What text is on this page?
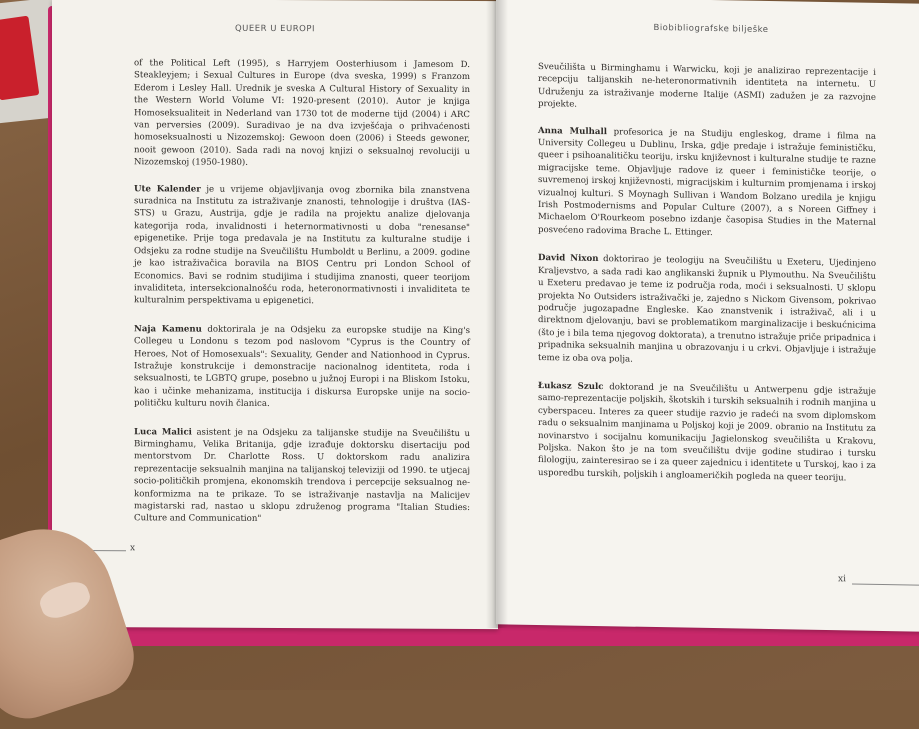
QUEER U EUROPI

of the Political Left (1995), s Harryjem Oosterhiusom i Jamesom D. Steakleyjem; i Sexual Cultures in Europe (dva sveska, 1999) s Franzom Ederom i Lesley Hall. Urednik je sveska A Cultural History of Sexuality in the Western World Volume VI: 1920-present (2010). Autor je knjiga Homoseksualiteit in Nederland van 1730 tot de moderne tijd (2004) i ARC van perversies (2009). Suradivao je na dva izvješćaja o prihvaćenosti homoseksualnosti u Nizozemskoj: Gewoon doen (2006) i Steeds gewoner, nooit gewoon (2010). Sada radi na novoj knjizi o seksualnoj revoluciji u Nizozemskoj (1950-1980).

Ute Kalender je u vrijeme objavljivanja ovog zbornika bila znanstvena suradnica na Institutu za istraživanje znanosti, tehnologije i društva (IAS-STS) u Grazu, Austrija, gdje je radila na projektu analize djelovanja kategorija roda, invalidnosti i heternormativnosti u doba "renesanse" epigenetike. Prije toga predavala je na Institutu za kulturalne studije i Odsjeku za rodne studije na Sveučilištu Humboldt u Berlinu, a 2009. godine je kao istraživačica boravila na BIOS Centru pri London School of Economics. Bavi se rodnim studijima i studijima znanosti, queer teorijom invaliditeta, intersekcionalnošću roda, heteronormativnosti i invaliditeta te kulturalnim perspektivama u epigenetici.

Naja Kamenu doktorirala je na Odsjeku za europske studije na King's Collegeu u Londonu s tezom pod naslovom "Cyprus is the Country of Heroes, Not of Homosexuals": Sexuality, Gender and Nationhood in Cyprus. Istražuje konstrukcije i demonstracije nacionalnog identiteta, roda i seksualnosti, te LGBTQ grupe, posebno u južnoj Europi i na Bliskom Istoku, kao i učinke mehanizama, institucija i diskursa Europske unije na socio-političku kulturu novih članica.

Luca Malici asistent je na Odsjeku za talijanske studije na Sveučilištu u Birminghamu, Velika Britanija, gdje izrađuje doktorsku disertaciju pod mentorstvom Dr. Charlotte Ross. U doktorskom radu analizira reprezentacije seksualnih manjina na talijanskoj televiziji od 1990. te utjecaj socio-političkih promjena, ekonomskih trendova i percepcije seksualnog ne-konformizma na te prikaze. To se istraživanje nastavlja na Malicijev magistarski rad, nastao u sklopu združenog programa "Italian Studies: Culture and Communication"

x
Biobibliografske bilješke

Sveučilišta u Birminghamu i Warwicku, koji je analizirao reprezentacije i recepciju talijanskih ne-heteronormativnih identiteta na internetu. U Udruženju za istraživanje moderne Italije (ASMI) zadužen je za razvojne projekte.

Anna Mulhall profesorica je na Studiju engleskog, drame i filma na University Collegeu u Dublinu, Irska, gdje predaje i istražuje feminističku, queer i psihoanalitičku teoriju, irsku književnost i kulturalne studije te razne migracijske teme. Objavljuje radove iz queer i feminističke teorije, o suvremenoj irskoj književnosti, migracijskim i kulturnim promjenama i irskoj vizualnoj kulturi. S Moynagh Sullivan i Wandom Bolzano uredila je knjigu Irish Postmodernisms and Popular Culture (2007), a s Noreen Giffney i Michaelom O'Rourkeom posebno izdanje časopisa Studies in the Maternal posvećeno radovima Brache L. Ettinger.

David Nixon doktorirao je teologiju na Sveučilištu u Exeteru, Ujedinjeno Kraljevstvo, a sada radi kao anglikanski župnik u Plymouthu. Na Sveučilištu u Exeteru predavao je teme iz područja roda, moći i seksualnosti. U sklopu projekta No Outsiders istraživački je, zajedno s Nickom Givensom, pokrivao područje jugozapadne Engleske. Kao znanstvenik i istraživač, ali i u direktnom djelovanju, bavi se problematikom marginalizacije i beskućnicima (što je i bila tema njegovog doktorata), a trenutno istražuje priče pripadnica i pripadnika seksualnih manjina u obrazovanju i u crkvi. Objavljuje i istražuje teme iz oba ova polja.

Łukasz Szulc doktorand je na Sveučilištu u Antwerpenu gdje istražuje samo-reprezentacije poljskih, škotskih i turskih seksualnih i rodnih manjina u cyberspaceu. Interes za queer studije razvio je radeći na svom diplomskom radu o seksualnim manjinama u Poljskoj koji je 2009. obranio na Institutu za novinarstvo i socijalnu komunikaciju Jagielonskog sveučilišta u Krakovu, Poljska. Nakon što je na tom sveučilištu dvije godine studirao i tursku filologiju, zainteresirao se i za queer zajednicu i identitete u Turskoj, kao i za usporedbu turskih, poljskih i angloameričkih pogleda na queer teoriju.

xi
